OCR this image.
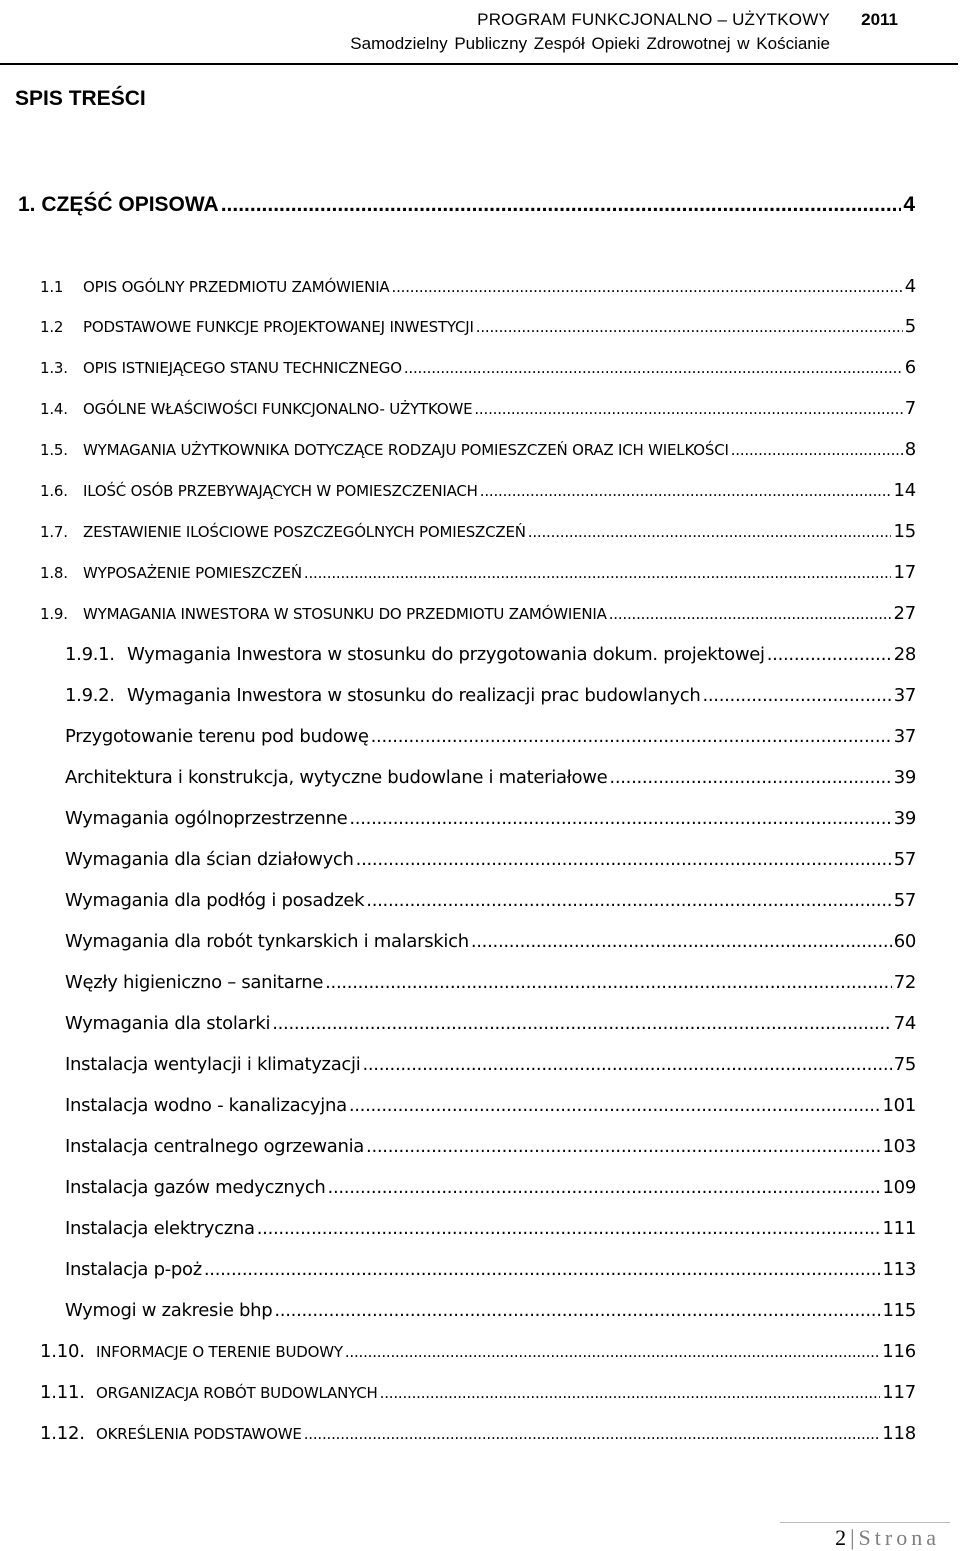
PROGRAM FUNKCJONALNO – UŻYTKOWY
Samodzielny Publiczny Zespół Opieki Zdrowotnej w Kościanie
2011
SPIS TREŚCI
1. CZĘŚĆ OPISOWA .....	4
1.1	OPIS OGÓLNY PRZEDMIOTU ZAMÓWIENIA .....	4
1.2	PODSTAWOWE FUNKCJE PROJEKTOWANEJ INWESTYCJI .....	5
1.3.	OPIS ISTNIEJĄCEGO STANU TECHNICZNEGO .....	6
1.4.	OGÓLNE WŁAŚCIWOŚCI FUNKCJONALNO- UŻYTKOWE .....	7
1.5.	WYMAGANIA UŻYTKOWNIKA DOTYCZĄCE RODZAJU POMIESZCZEŃ ORAZ ICH WIELKOŚCI .....	8
1.6.	ILOŚĆ OSÓB PRZEBYWAJĄCYCH W POMIESZCZENIACH .....	14
1.7.	ZESTAWIENIE ILOŚCIOWE POSZCZEGÓLNYCH POMIESZCZEŃ .....	15
1.8.	WYPOSAŻENIE POMIESZCZEŃ .....	17
1.9.	WYMAGANIA INWESTORA W STOSUNKU DO PRZEDMIOTU ZAMÓWIENIA .....	27
1.9.1. Wymagania Inwestora w stosunku do przygotowania dokum. projektowej .....	28
1.9.2. Wymagania Inwestora w stosunku do realizacji prac budowlanych .....	37
Przygotowanie terenu pod budowę .....	37
Architektura i konstrukcja, wytyczne budowlane i materiałowe .....	39
Wymagania ogólnoprzestrzenne .....	39
Wymagania dla ścian działowych .....	57
Wymagania dla podłóg i posadzek .....	57
Wymagania dla robót tynkarskich i malarskich .....	60
Węzły higieniczno – sanitarne .....	72
Wymagania dla stolarki .....	74
Instalacja wentylacji i klimatyzacji .....	75
Instalacja wodno - kanalizacyjna .....	101
Instalacja centralnego ogrzewania .....	103
Instalacja gazów medycznych .....	109
Instalacja elektryczna .....	111
Instalacja p-poż .....	113
Wymogi w zakresie bhp .....	115
1.10. INFORMACJE O TERENIE BUDOWY .....	116
1.11. ORGANIZACJA ROBÓT BUDOWLANYCH .....	117
1.12. OKREŚLENIA PODSTAWOWE .....	118
2 | Strona
